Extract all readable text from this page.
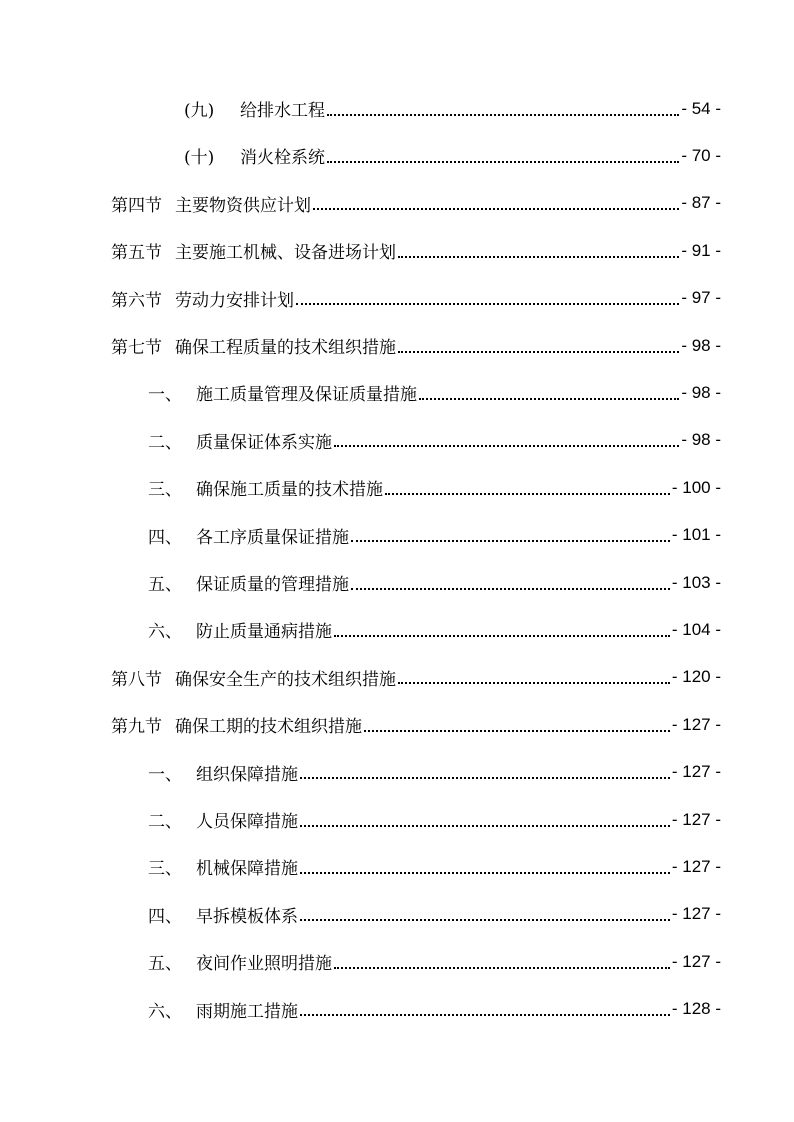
(九)	给排水工程	- 54 -
(十)	消火栓系统	- 70 -
第四节 主要物资供应计划	- 87 -
第五节 主要施工机械、设备进场计划	- 91 -
第六节 劳动力安排计划	- 97 -
第七节 确保工程质量的技术组织措施	- 98 -
一、 施工质量管理及保证质量措施	- 98 -
二、 质量保证体系实施	- 98 -
三、 确保施工质量的技术措施	- 100 -
四、 各工序质量保证措施	- 101 -
五、 保证质量的管理措施	- 103 -
六、 防止质量通病措施	- 104 -
第八节 确保安全生产的技术组织措施	- 120 -
第九节 确保工期的技术组织措施	- 127 -
一、 组织保障措施	- 127 -
二、 人员保障措施	- 127 -
三、 机械保障措施	- 127 -
四、 早拆模板体系	- 127 -
五、 夜间作业照明措施	- 127 -
六、 雨期施工措施	- 128 -
